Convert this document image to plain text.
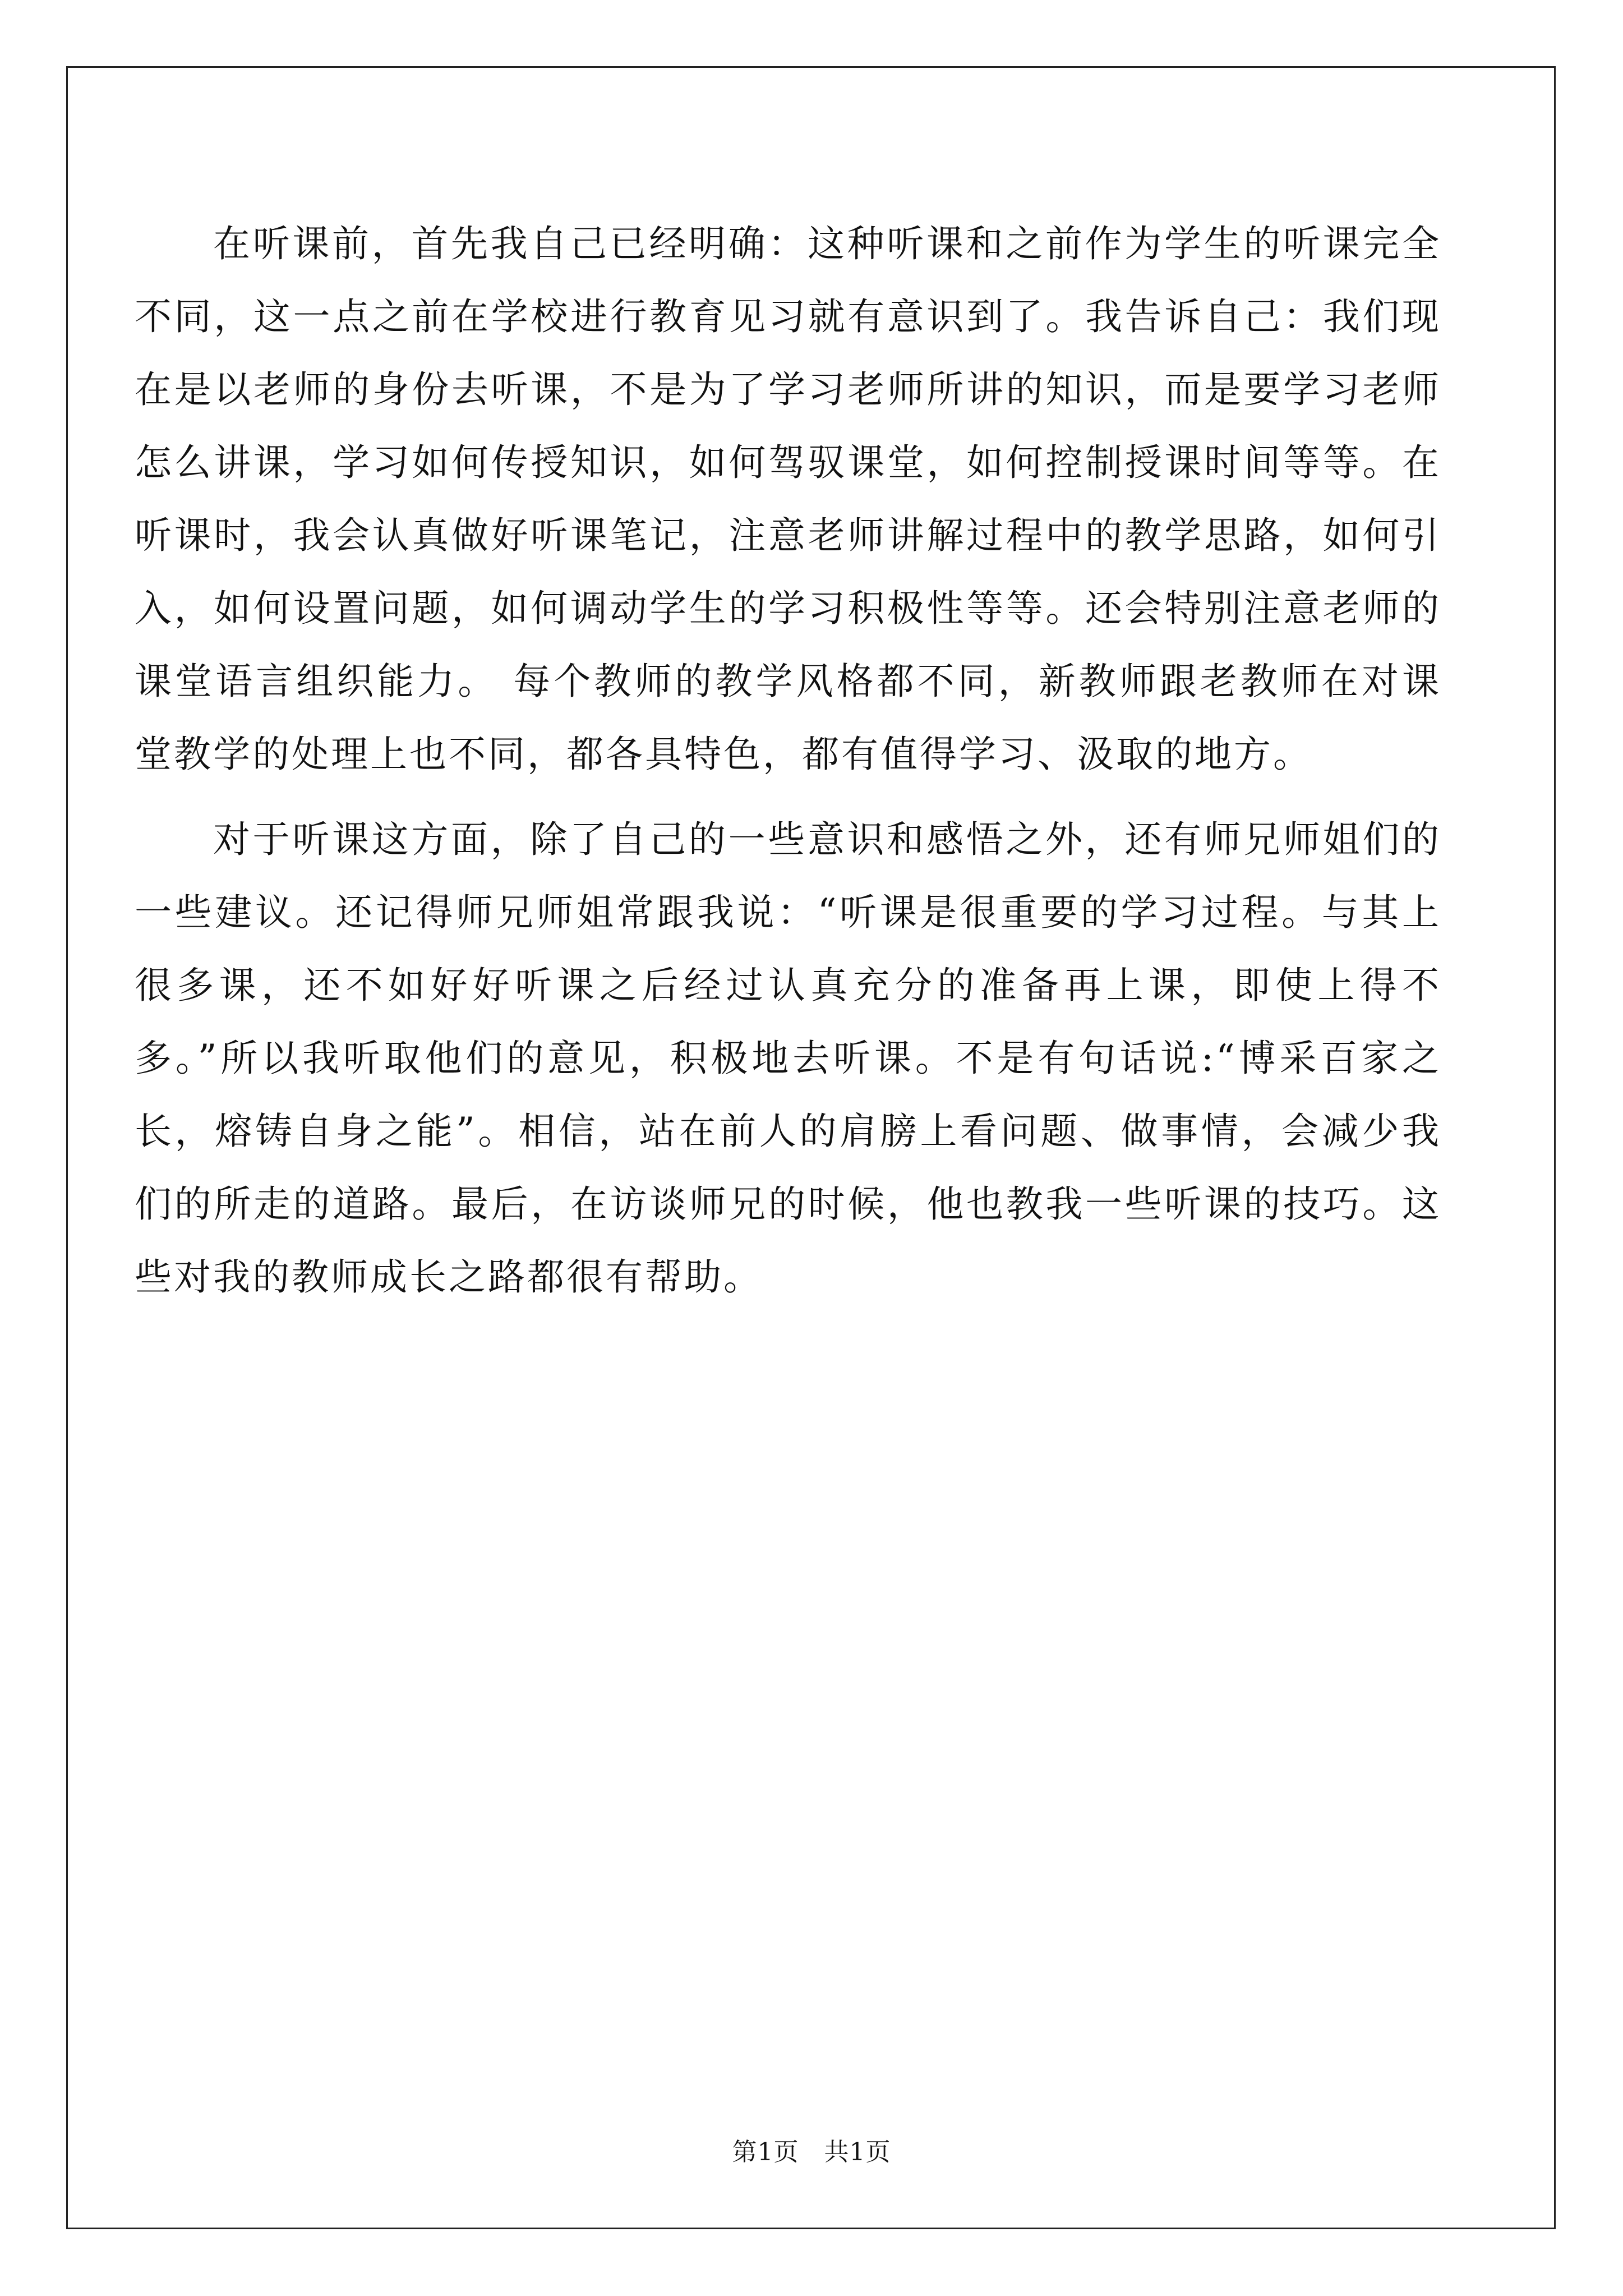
在听课前，首先我自己已经明确：这种听课和之前作为学生的听课完全不同，这一点之前在学校进行教育见习就有意识到了。我告诉自己：我们现在是以老师的身份去听课，不是为了学习老师所讲的知识，而是要学习老师怎么讲课，学习如何传授知识，如何驾驭课堂，如何控制授课时间等等。在听课时，我会认真做好听课笔记，注意老师讲解过程中的教学思路，如何引入，如何设置问题，如何调动学生的学习积极性等等。还会特别注意老师的课堂语言组织能力。 每个教师的教学风格都不同，新教师跟老教师在对课堂教学的处理上也不同，都各具特色，都有值得学习、汲取的地方。

对于听课这方面，除了自己的一些意识和感悟之外，还有师兄师姐们的一些建议。还记得师兄师姐常跟我说：“听课是很重要的学习过程。与其上很多课，还不如好好听课之后经过认真充分的准备再上课，即使上得不多。”所以我听取他们的意见，积极地去听课。不是有句话说:“博采百家之长，熔铸自身之能”。相信，站在前人的肩膀上看问题、做事情，会减少我们的所走的道路。最后，在访谈师兄的时候，他也教我一些听课的技巧。这些对我的教师成长之路都很有帮助。

第1页   共1页
